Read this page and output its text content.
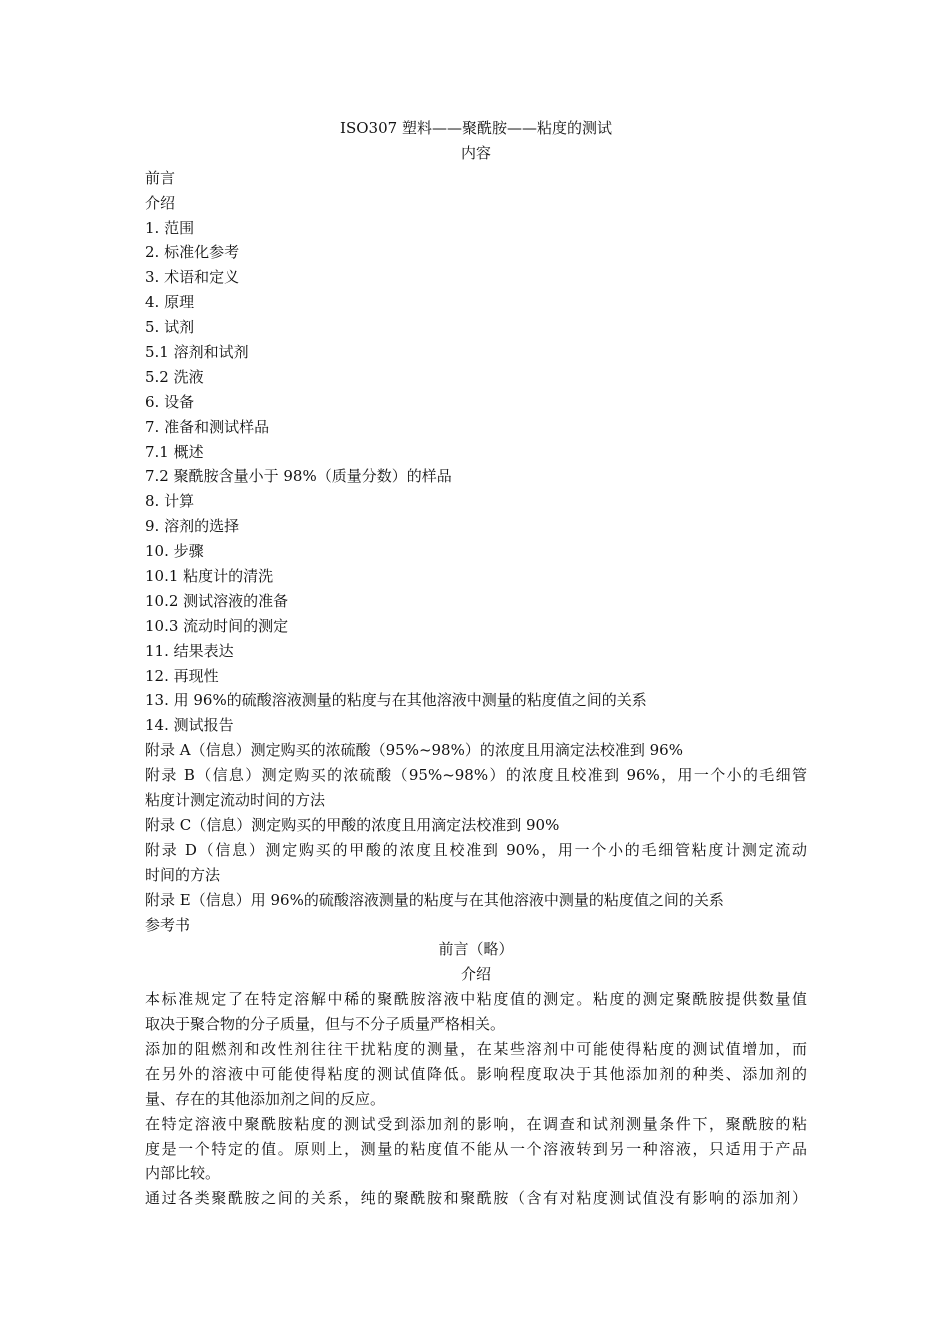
ISO307 塑料——聚酰胺——粘度的测试
内容
前言
介绍
1. 范围
2. 标准化参考
3. 术语和定义
4. 原理
5. 试剂
5.1 溶剂和试剂
5.2 洗液
6. 设备
7. 准备和测试样品
7.1 概述
7.2 聚酰胺含量小于 98%（质量分数）的样品
8. 计算
9. 溶剂的选择
10. 步骤
10.1 粘度计的清洗
10.2 测试溶液的准备
10.3 流动时间的测定
11. 结果表达
12. 再现性
13. 用 96%的硫酸溶液测量的粘度与在其他溶液中测量的粘度值之间的关系
14. 测试报告
附录 A（信息）测定购买的浓硫酸（95%~98%）的浓度且用滴定法校准到 96%
附录 B（信息）测定购买的浓硫酸（95%~98%）的浓度且校准到 96%，用一个小的毛细管
粘度计测定流动时间的方法
附录 C（信息）测定购买的甲酸的浓度且用滴定法校准到 90%
附录 D（信息）测定购买的甲酸的浓度且校准到 90%，用一个小的毛细管粘度计测定流动
时间的方法
附录 E（信息）用 96%的硫酸溶液测量的粘度与在其他溶液中测量的粘度值之间的关系
参考书
前言（略）
介绍
本标准规定了在特定溶解中稀的聚酰胺溶液中粘度值的测定。粘度的测定聚酰胺提供数量值
取决于聚合物的分子质量，但与不分子质量严格相关。
添加的阻燃剂和改性剂往往干扰粘度的测量，在某些溶剂中可能使得粘度的测试值增加，而
在另外的溶液中可能使得粘度的测试值降低。影响程度取决于其他添加剂的种类、添加剂的
量、存在的其他添加剂之间的反应。
在特定溶液中聚酰胺粘度的测试受到添加剂的影响，在调查和试剂测量条件下，聚酰胺的粘
度是一个特定的值。原则上，测量的粘度值不能从一个溶液转到另一种溶液，只适用于产品
内部比较。
通过各类聚酰胺之间的关系，纯的聚酰胺和聚酰胺（含有对粘度测试值没有影响的添加剂）
